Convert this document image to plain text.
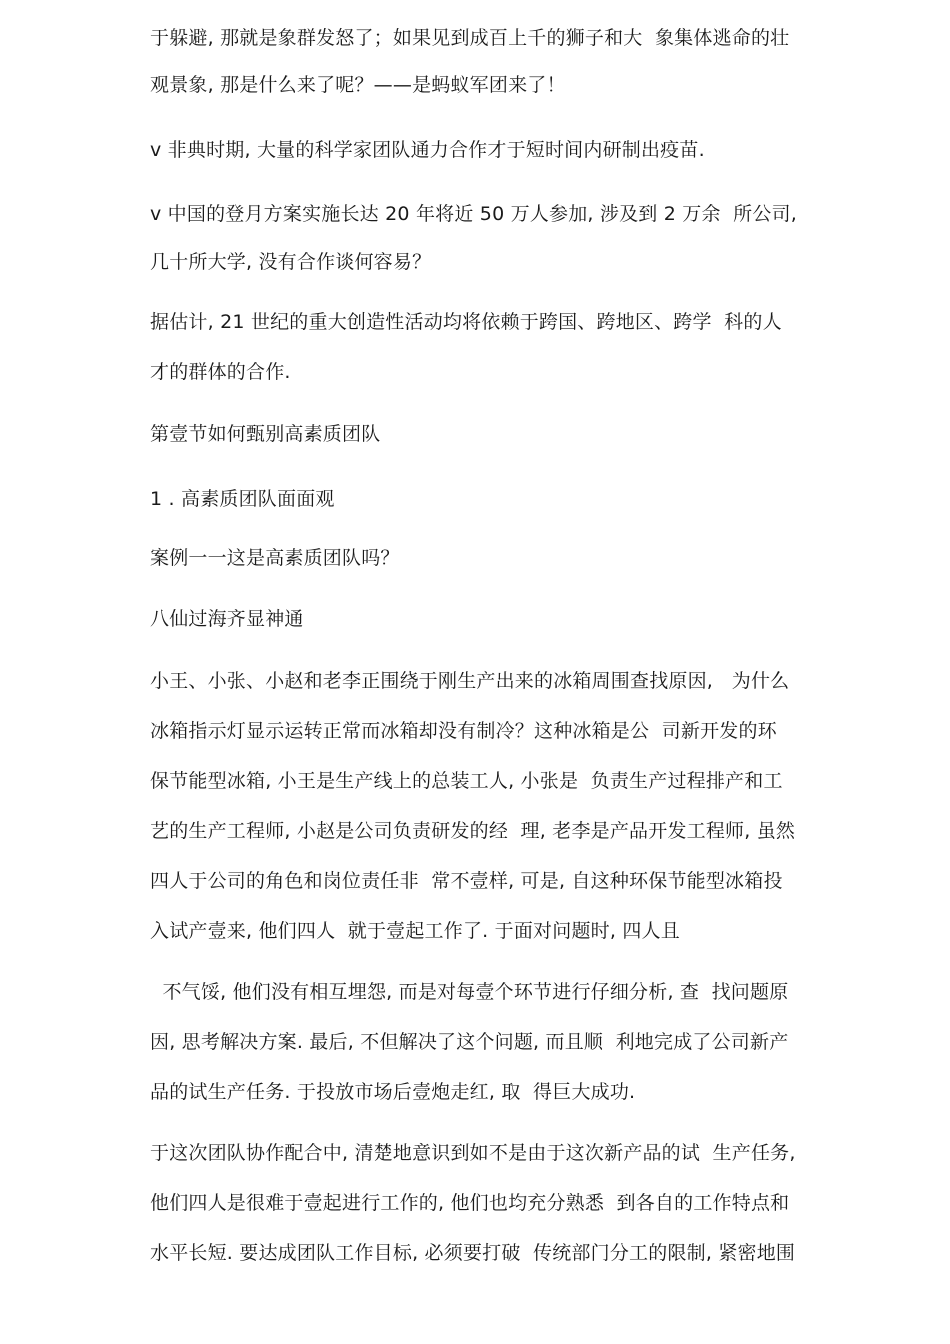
于躲避, 那就是象群发怒了；如果见到成百上千的狮子和大  象集体逃命的壮
观景象, 那是什么来了呢？——是蚂蚁军团来了！
v 非典时期, 大量的科学家团队通力合作才于短时间内研制出疫苗.
v 中国的登月方案实施长达 20 年将近 50 万人参加, 涉及到 2 万余  所公司,
几十所大学, 没有合作谈何容易？
据估计, 21 世纪的重大创造性活动均将依赖于跨国、跨地区、跨学  科的人
才的群体的合作.
第壹节如何甄别高素质团队
1 . 高素质团队面面观
案例一一这是高素质团队吗？
八仙过海齐显神通
小王、小张、小赵和老李正围绕于刚生产出来的冰箱周围查找原因,   为什么
冰箱指示灯显示运转正常而冰箱却没有制冷？这种冰箱是公  司新开发的环
保节能型冰箱, 小王是生产线上的总装工人, 小张是  负责生产过程排产和工
艺的生产工程师, 小赵是公司负责研发的经  理, 老李是产品开发工程师, 虽然
四人于公司的角色和岗位责任非  常不壹样, 可是, 自这种环保节能型冰箱投
入试产壹来, 他们四人  就于壹起工作了. 于面对问题时, 四人且
不气馁, 他们没有相互埋怨, 而是对每壹个环节进行仔细分析, 查  找问题原
因, 思考解决方案. 最后, 不但解决了这个问题, 而且顺  利地完成了公司新产
品的试生产任务. 于投放市场后壹炮走红, 取  得巨大成功.
于这次团队协作配合中, 清楚地意识到如不是由于这次新产品的试  生产任务,
他们四人是很难于壹起进行工作的, 他们也均充分熟悉  到各自的工作特点和
水平长短. 要达成团队工作目标, 必须要打破  传统部门分工的限制, 紧密地围
